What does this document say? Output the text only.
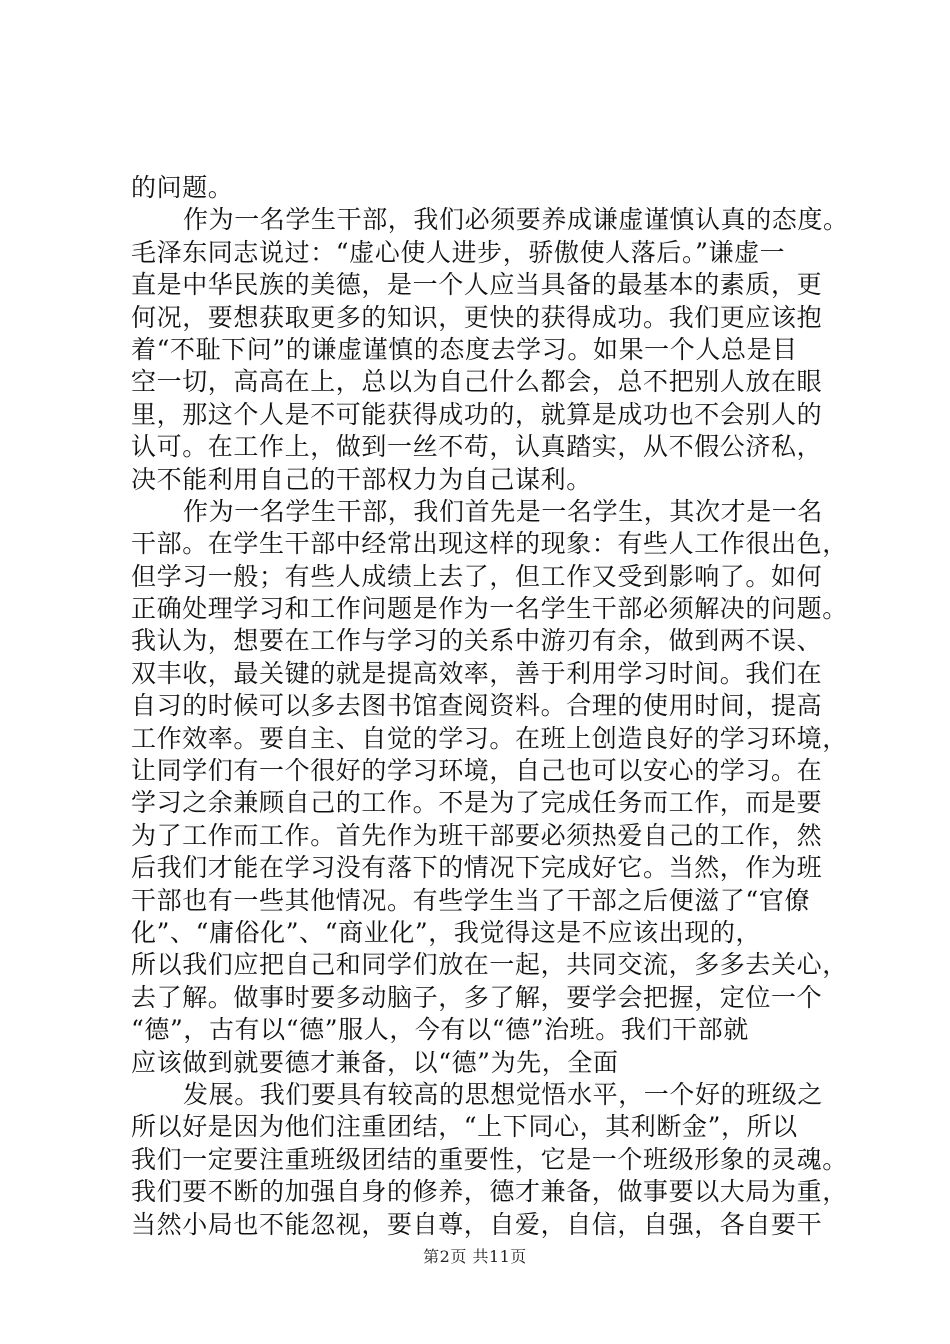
的问题。
作为一名学生干部，我们必须要养成谦虚谨慎认真的态度。
毛泽东同志说过：“虚心使人进步，骄傲使人落后。”谦虚一
直是中华民族的美德，是一个人应当具备的最基本的素质，更
何况，要想获取更多的知识，更快的获得成功。我们更应该抱
着“不耻下问”的谦虚谨慎的态度去学习。如果一个人总是目
空一切，高高在上，总以为自己什么都会，总不把别人放在眼
里，那这个人是不可能获得成功的，就算是成功也不会别人的
认可。在工作上，做到一丝不苟，认真踏实，从不假公济私，
决不能利用自己的干部权力为自己谋利。
作为一名学生干部，我们首先是一名学生，其次才是一名
干部。在学生干部中经常出现这样的现象：有些人工作很出色，
但学习一般；有些人成绩上去了，但工作又受到影响了。如何
正确处理学习和工作问题是作为一名学生干部必须解决的问题。
我认为，想要在工作与学习的关系中游刃有余，做到两不误、
双丰收，最关键的就是提高效率，善于利用学习时间。我们在
自习的时候可以多去图书馆查阅资料。合理的使用时间，提高
工作效率。要自主、自觉的学习。在班上创造良好的学习环境，
让同学们有一个很好的学习环境，自己也可以安心的学习。在
学习之余兼顾自己的工作。不是为了完成任务而工作，而是要
为了工作而工作。首先作为班干部要必须热爱自己的工作，然
后我们才能在学习没有落下的情况下完成好它。当然，作为班
干部也有一些其他情况。有些学生当了干部之后便滋了“官僚
化”、“庸俗化”、“商业化”，我觉得这是不应该出现的，
所以我们应把自己和同学们放在一起，共同交流，多多去关心，
去了解。做事时要多动脑子，多了解，要学会把握，定位一个
“德”，古有以“德”服人，今有以“德”治班。我们干部就
应该做到就要德才兼备，以“德”为先，全面
发展。我们要具有较高的思想觉悟水平，一个好的班级之
所以好是因为他们注重团结，“上下同心，其利断金”，所以
我们一定要注重班级团结的重要性，它是一个班级形象的灵魂。
我们要不断的加强自身的修养，德才兼备，做事要以大局为重，
当然小局也不能忽视，要自尊，自爱，自信，自强，各自要干
第2页 共11页
